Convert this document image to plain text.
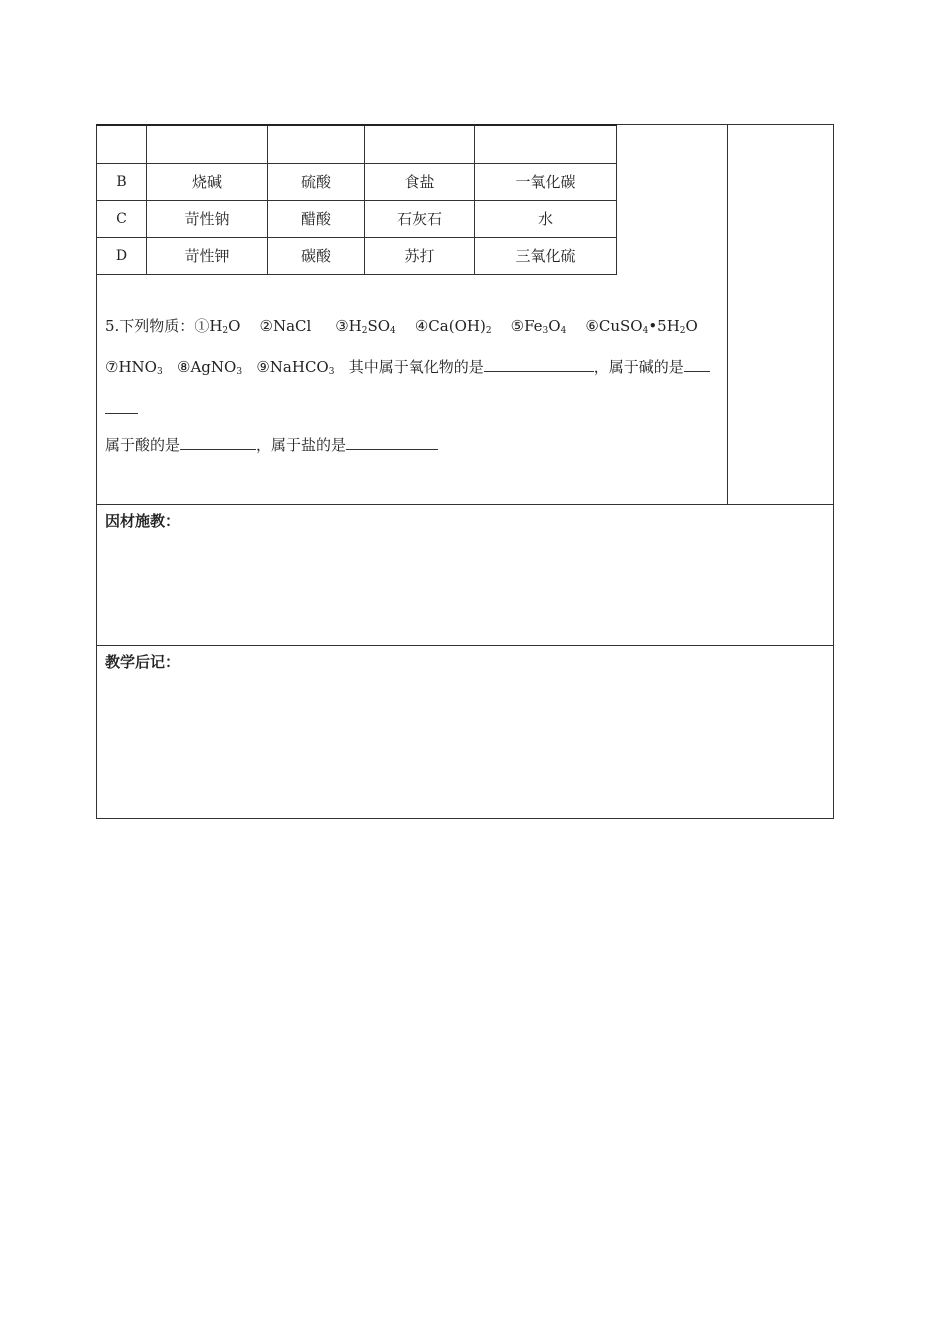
B	烧碱	硫酸	食盐	一氧化碳
C	苛性钠	醋酸	石灰石	水
D	苛性钾	碳酸	苏打	三氧化硫
5.下列物质：$①H_2O$ ②NaCl $③H_2SO_4$ $④Ca(OH)_2$ $⑤Fe_3O_4$ $⑥CuSO_4•5H_2O$
$⑦HNO_3$ ⑧AgNO$_3$ ⑨NaHCO$_3$ 其中属于氧化物的是	，属于碱的是
属于酸的是	，属于盐的是
因材施教：
教学后记：
